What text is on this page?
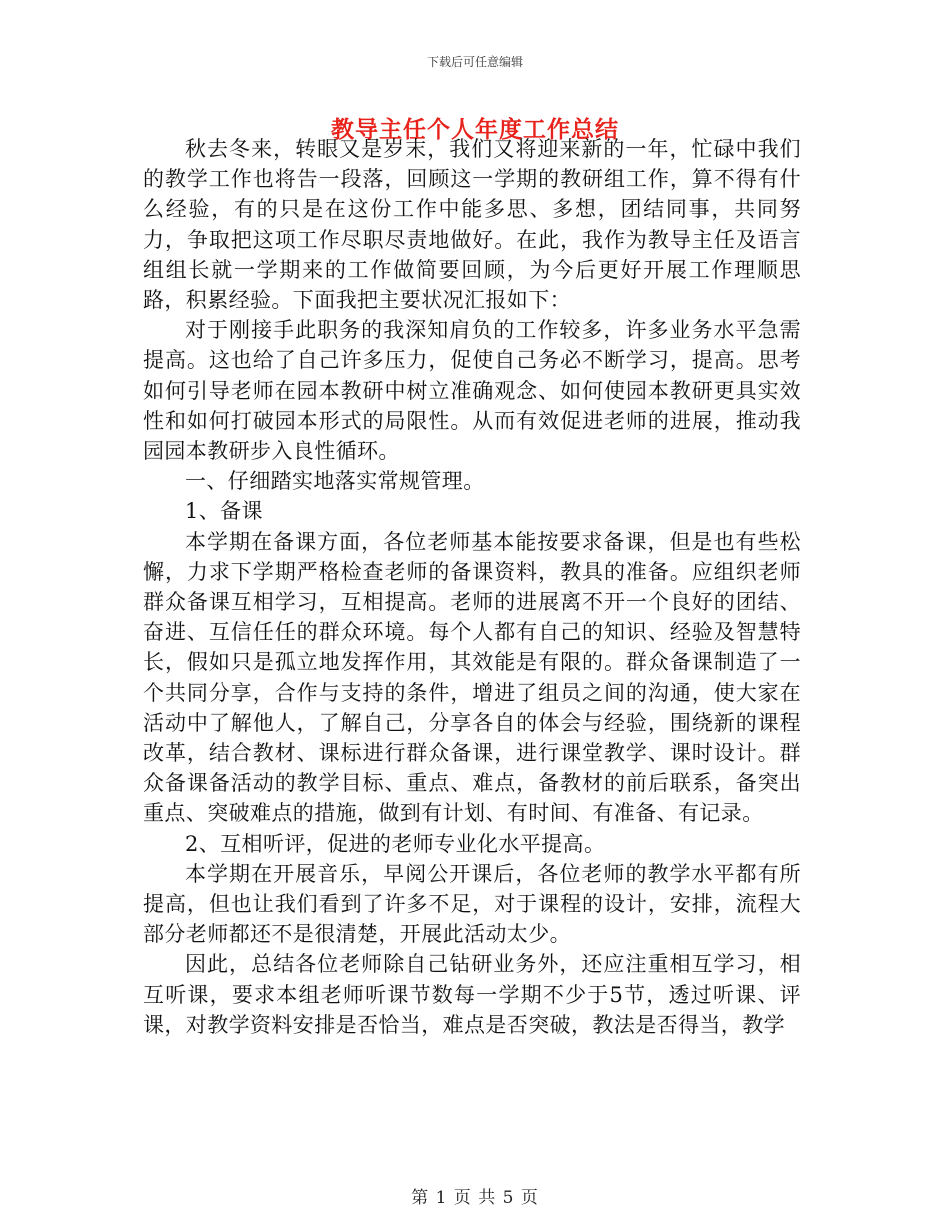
下载后可任意编辑
教导主任个人年度工作总结

秋去冬来，转眼又是岁末，我们又将迎来新的一年，忙碌中我们的教学工作也将告一段落，回顾这一学期的教研组工作，算不得有什么经验，有的只是在这份工作中能多思、多想，团结同事，共同努力，争取把这项工作尽职尽责地做好。在此，我作为教导主任及语言组组长就一学期来的工作做简要回顾，为今后更好开展工作理顺思路，积累经验。下面我把主要状况汇报如下：

对于刚接手此职务的我深知肩负的工作较多，许多业务水平急需提高。这也给了自己许多压力，促使自己务必不断学习，提高。思考如何引导老师在园本教研中树立准确观念、如何使园本教研更具实效性和如何打破园本形式的局限性。从而有效促进老师的进展，推动我园园本教研步入良性循环。

一、仔细踏实地落实常规管理。

1、备课

本学期在备课方面，各位老师基本能按要求备课，但是也有些松懈，力求下学期严格检查老师的备课资料，教具的准备。应组织老师群众备课互相学习，互相提高。老师的进展离不开一个良好的团结、奋进、互信任任的群众环境。每个人都有自己的知识、经验及智慧特长，假如只是孤立地发挥作用，其效能是有限的。群众备课制造了一个共同分享，合作与支持的条件，增进了组员之间的沟通，使大家在活动中了解他人，了解自己，分享各自的体会与经验，围绕新的课程改革，结合教材、课标进行群众备课，进行课堂教学、课时设计。群众备课备活动的教学目标、重点、难点，备教材的前后联系，备突出重点、突破难点的措施，做到有计划、有时间、有准备、有记录。

2、互相听评，促进的老师专业化水平提高。

本学期在开展音乐，早阅公开课后，各位老师的教学水平都有所提高，但也让我们看到了许多不足，对于课程的设计，安排，流程大部分老师都还不是很清楚，开展此活动太少。

因此，总结各位老师除自己钻研业务外，还应注重相互学习，相互听课，要求本组老师听课节数每一学期不少于5节，透过听课、评课，对教学资料安排是否恰当，难点是否突破，教法是否得当，教学

第 1 页 共 5 页
